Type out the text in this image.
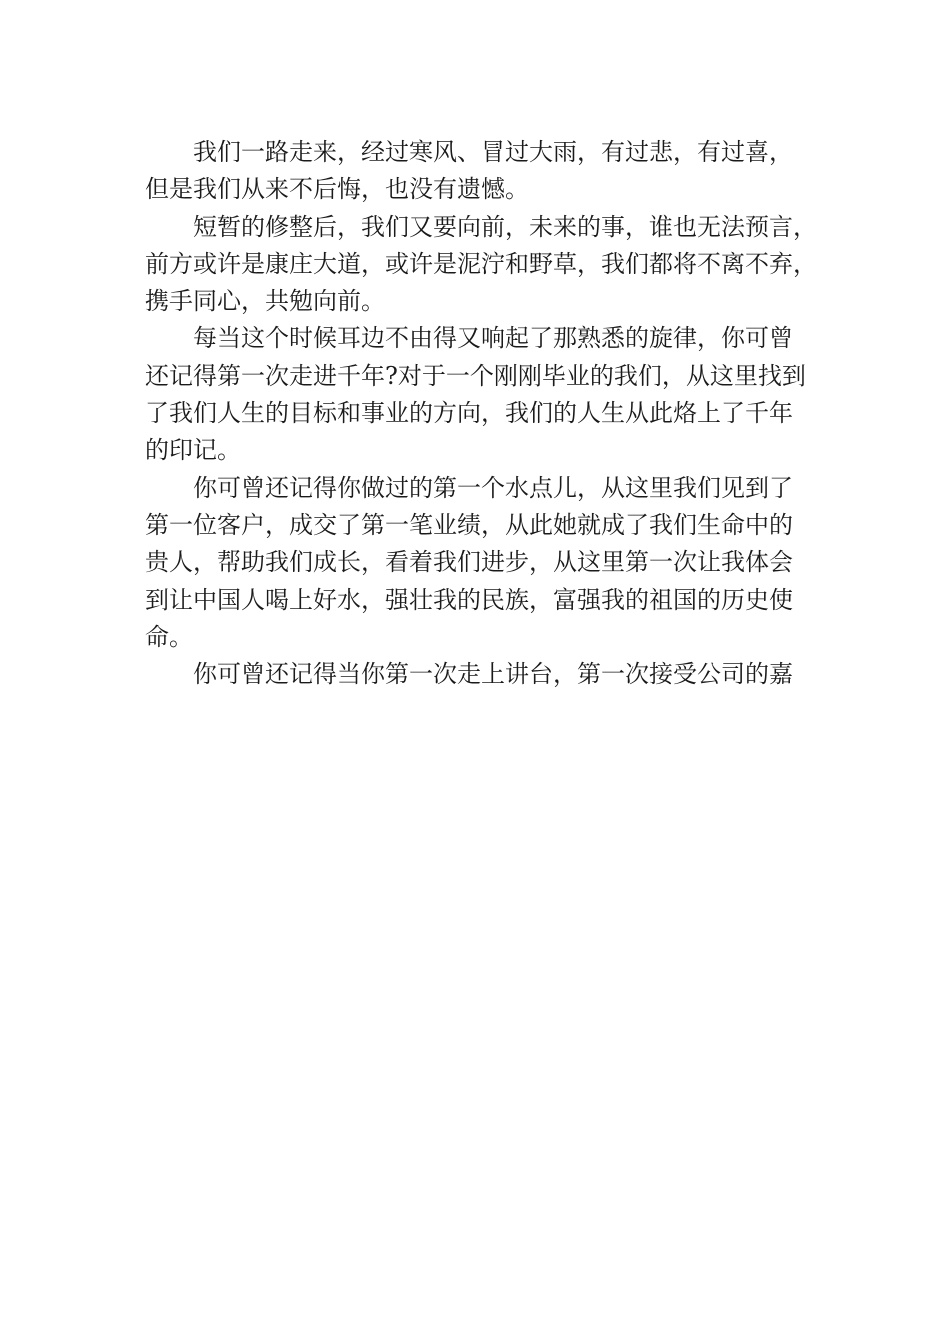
我们一路走来，经过寒风、冒过大雨，有过悲，有过喜，
但是我们从来不后悔，也没有遗憾。
短暂的修整后，我们又要向前，未来的事，谁也无法预言，
前方或许是康庄大道，或许是泥泞和野草，我们都将不离不弃，
携手同心，共勉向前。
每当这个时候耳边不由得又响起了那熟悉的旋律，你可曾
还记得第一次走进千年?对于一个刚刚毕业的我们，从这里找到
了我们人生的目标和事业的方向，我们的人生从此烙上了千年
的印记。
你可曾还记得你做过的第一个水点儿，从这里我们见到了
第一位客户，成交了第一笔业绩，从此她就成了我们生命中的
贵人，帮助我们成长，看着我们进步，从这里第一次让我体会
到让中国人喝上好水，强壮我的民族，富强我的祖国的历史使
命。
你可曾还记得当你第一次走上讲台，第一次接受公司的嘉
